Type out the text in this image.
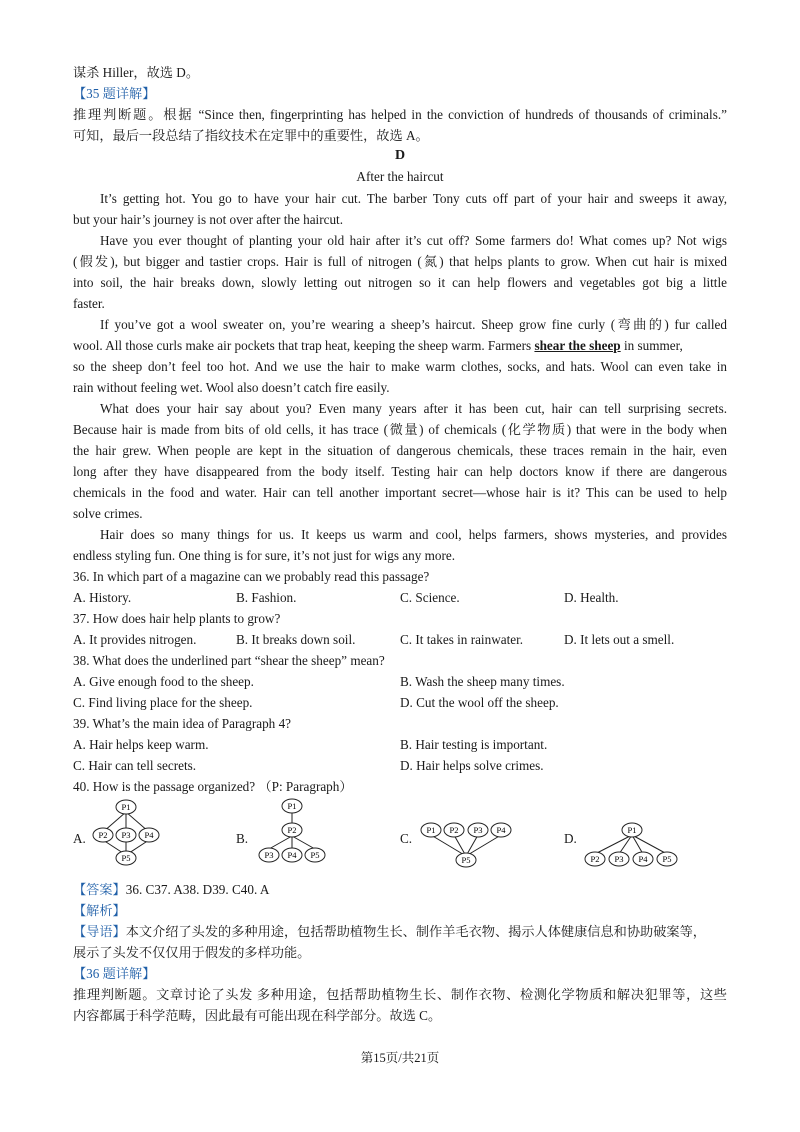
谋杀 Hiller，故选 D。
【35 题详解】
推理判断题。根据 “Since then, fingerprinting has helped in the conviction of hundreds of thousands of criminals.”
可知，最后一段总结了指纹技术在定罪中的重要性，故选 A。
D
After the haircut
It’s getting hot. You go to have your hair cut. The barber Tony cuts off part of your hair and sweeps it away,
but your hair’s journey is not over after the haircut.
Have you ever thought of planting your old hair after it’s cut off? Some farmers do! What comes up? Not wigs
(假发), but bigger and tastier crops. Hair is full of nitrogen (氮) that helps plants to grow. When cut hair is mixed
into soil, the hair breaks down, slowly letting out nitrogen so it can help flowers and vegetables got big a little
faster.
If you’ve got a wool sweater on, you’re wearing a sheep’s haircut. Sheep grow fine curly (弯曲的) fur called
wool. All those curls make air pockets that trap heat, keeping the sheep warm. Farmers shear the sheep in summer,
so the sheep don’t feel too hot. And we use the hair to make warm clothes, socks, and hats. Wool can even take in
rain without feeling wet. Wool also doesn’t catch fire easily.
What does your hair say about you? Even many years after it has been cut, hair can tell surprising secrets.
Because hair is made from bits of old cells, it has trace (微量) of chemicals (化学物质) that were in the body when
the hair grew. When people are kept in the situation of dangerous chemicals, these traces remain in the hair, even
long after they have disappeared from the body itself. Testing hair can help doctors know if there are dangerous
chemicals in the food and water. Hair can tell another important secret—whose hair is it? This can be used to help
solve crimes.
Hair does so many things for us. It keeps us warm and cool, helps farmers, shows mysteries, and provides
endless styling fun. One thing is for sure, it’s not just for wigs any more.
36. In which part of a magazine can we probably read this passage?
A. History.	B. Fashion.	C. Science.	D. Health.
37. How does hair help plants to grow?
A. It provides nitrogen.	B. It breaks down soil.	C. It takes in rainwater.	D. It lets out a smell.
38. What does the underlined part “shear the sheep” mean?
A. Give enough food to the sheep.	B. Wash the sheep many times.
C. Find living place for the sheep.	D. Cut the wool off the sheep.
39. What’s the main idea of Paragraph 4?
A. Hair helps keep warm.	B. Hair testing is important.
C. Hair can tell secrets.	D. Hair helps solve crimes.
40. How is the passage organized? （P: Paragraph）
A.	B.	C.	D.
P1
P2 P3 P4
P5
P1
P2
P3 P4 P5
P1 P2 P3 P4
P5
P1
P2 P3 P4 P5
【答案】36. C37. A38. D39. C40. A
【解析】
【导语】本文介绍了头发的多种用途，包括帮助植物生长、制作羊毛衣物、揭示人体健康信息和协助破案等，
展示了头发不仅仅用于假发的多样功能。
【36 题详解】
推理判断题。文章讨论了头发 多种用途，包括帮助植物生长、制作衣物、检测化学物质和解决犯罪等，这些
内容都属于科学范畴，因此最有可能出现在科学部分。故选 C。
第15页/共21页
